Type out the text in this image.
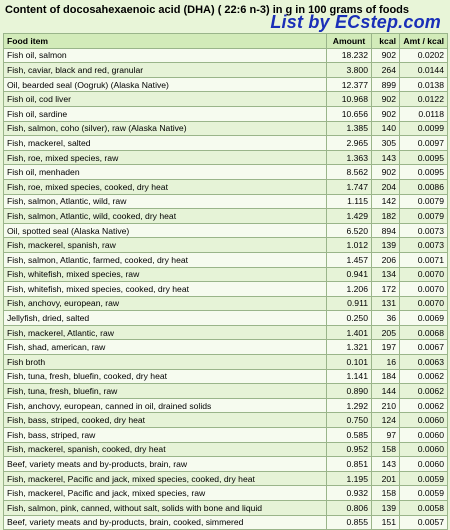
Content of docosahexaenoic acid (DHA) ( 22:6 n-3) in g in 100 grams of foods
List by ECstep.com
Food item	Amount	kcal	Amt / kcal
Fish oil, salmon	18.232	902	0.0202
Fish, caviar, black and red, granular	3.800	264	0.0144
Oil, bearded seal (Oogruk) (Alaska Native)	12.377	899	0.0138
Fish oil, cod liver	10.968	902	0.0122
Fish oil, sardine	10.656	902	0.0118
Fish, salmon, coho (silver), raw (Alaska Native)	1.385	140	0.0099
Fish, mackerel, salted	2.965	305	0.0097
Fish, roe, mixed species, raw	1.363	143	0.0095
Fish oil, menhaden	8.562	902	0.0095
Fish, roe, mixed species, cooked, dry heat	1.747	204	0.0086
Fish, salmon, Atlantic, wild, raw	1.115	142	0.0079
Fish, salmon, Atlantic, wild, cooked, dry heat	1.429	182	0.0079
Oil, spotted seal (Alaska Native)	6.520	894	0.0073
Fish, mackerel, spanish, raw	1.012	139	0.0073
Fish, salmon, Atlantic, farmed, cooked, dry heat	1.457	206	0.0071
Fish, whitefish, mixed species, raw	0.941	134	0.0070
Fish, whitefish, mixed species, cooked, dry heat	1.206	172	0.0070
Fish, anchovy, european, raw	0.911	131	0.0070
Jellyfish, dried, salted	0.250	36	0.0069
Fish, mackerel, Atlantic, raw	1.401	205	0.0068
Fish, shad, american, raw	1.321	197	0.0067
Fish broth	0.101	16	0.0063
Fish, tuna, fresh, bluefin, cooked, dry heat	1.141	184	0.0062
Fish, tuna, fresh, bluefin, raw	0.890	144	0.0062
Fish, anchovy, european, canned in oil, drained solids	1.292	210	0.0062
Fish, bass, striped, cooked, dry heat	0.750	124	0.0060
Fish, bass, striped, raw	0.585	97	0.0060
Fish, mackerel, spanish, cooked, dry heat	0.952	158	0.0060
Beef, variety meats and by-products, brain, raw	0.851	143	0.0060
Fish, mackerel, Pacific and jack, mixed species, cooked, dry heat	1.195	201	0.0059
Fish, mackerel, Pacific and jack, mixed species, raw	0.932	158	0.0059
Fish, salmon, pink, canned, without salt, solids with bone and liquid	0.806	139	0.0058
Beef, variety meats and by-products, brain, cooked, simmered	0.855	151	0.0057
